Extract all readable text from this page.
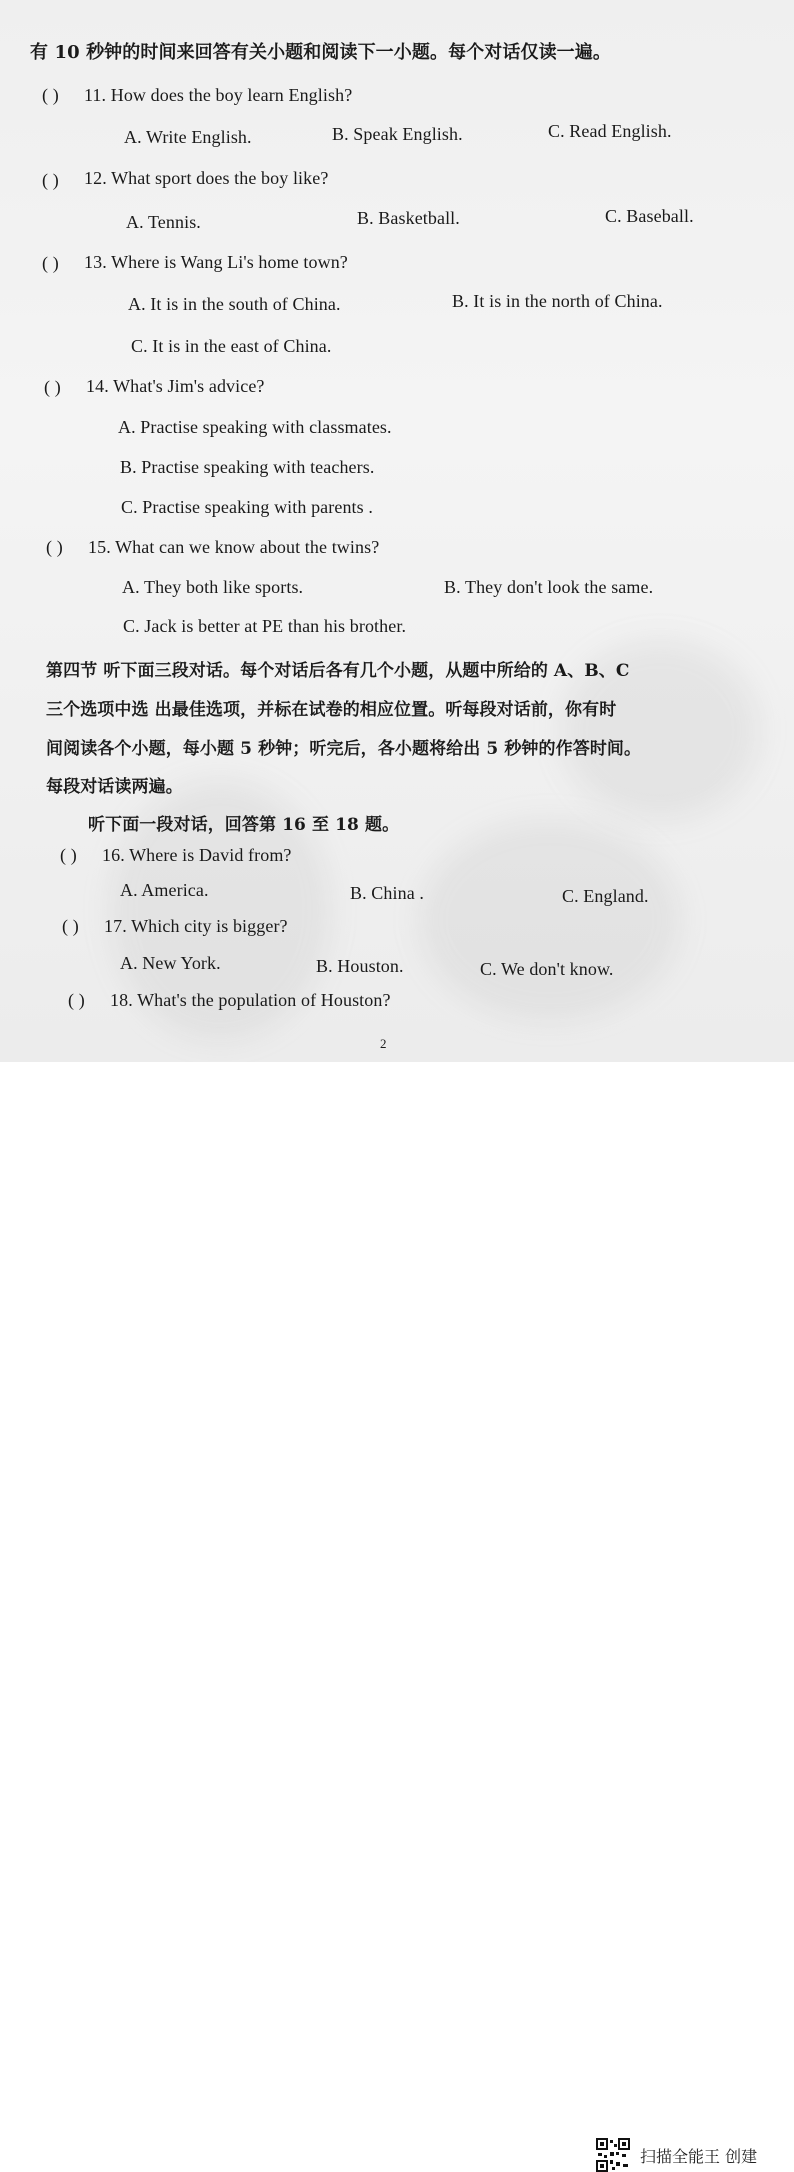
有 10 秒钟的时间来回答有关小题和阅读下一小题。每个对话仅读一遍。
( ) 11. How does the boy learn English?
A. Write English.	B. Speak English.	C. Read English.
( ) 12. What sport does the boy like?
A. Tennis.	B. Basketball.	C. Baseball.
( ) 13. Where is Wang Li's home town?
A. It is in the south of China.	B. It is in the north of China.
C. It is in the east of China.
( ) 14. What's Jim's advice?
A. Practise speaking with classmates.
B. Practise speaking with teachers.
C. Practise speaking with parents .
( ) 15. What can we know about the twins?
A. They both like sports.	B. They don't look the same.
C. Jack is better at PE than his brother.
第四节 听下面三段对话。每个对话后各有几个小题，从题中所给的 A、B、C
三个选项中选 出最佳选项，并标在试卷的相应位置。听每段对话前，你有时
间阅读各个小题，每小题 5 秒钟；听完后，各小题将给出 5 秒钟的作答时间。
每段对话读两遍。
听下面一段对话，回答第 16 至 18 题。
( ) 16. Where is David from?
A. America.	B. China .	C. England.
( ) 17. Which city is bigger?
A. New York.	B. Houston.	C. We don't know.
( ) 18. What's the population of Houston?
2
扫描全能王 创建
